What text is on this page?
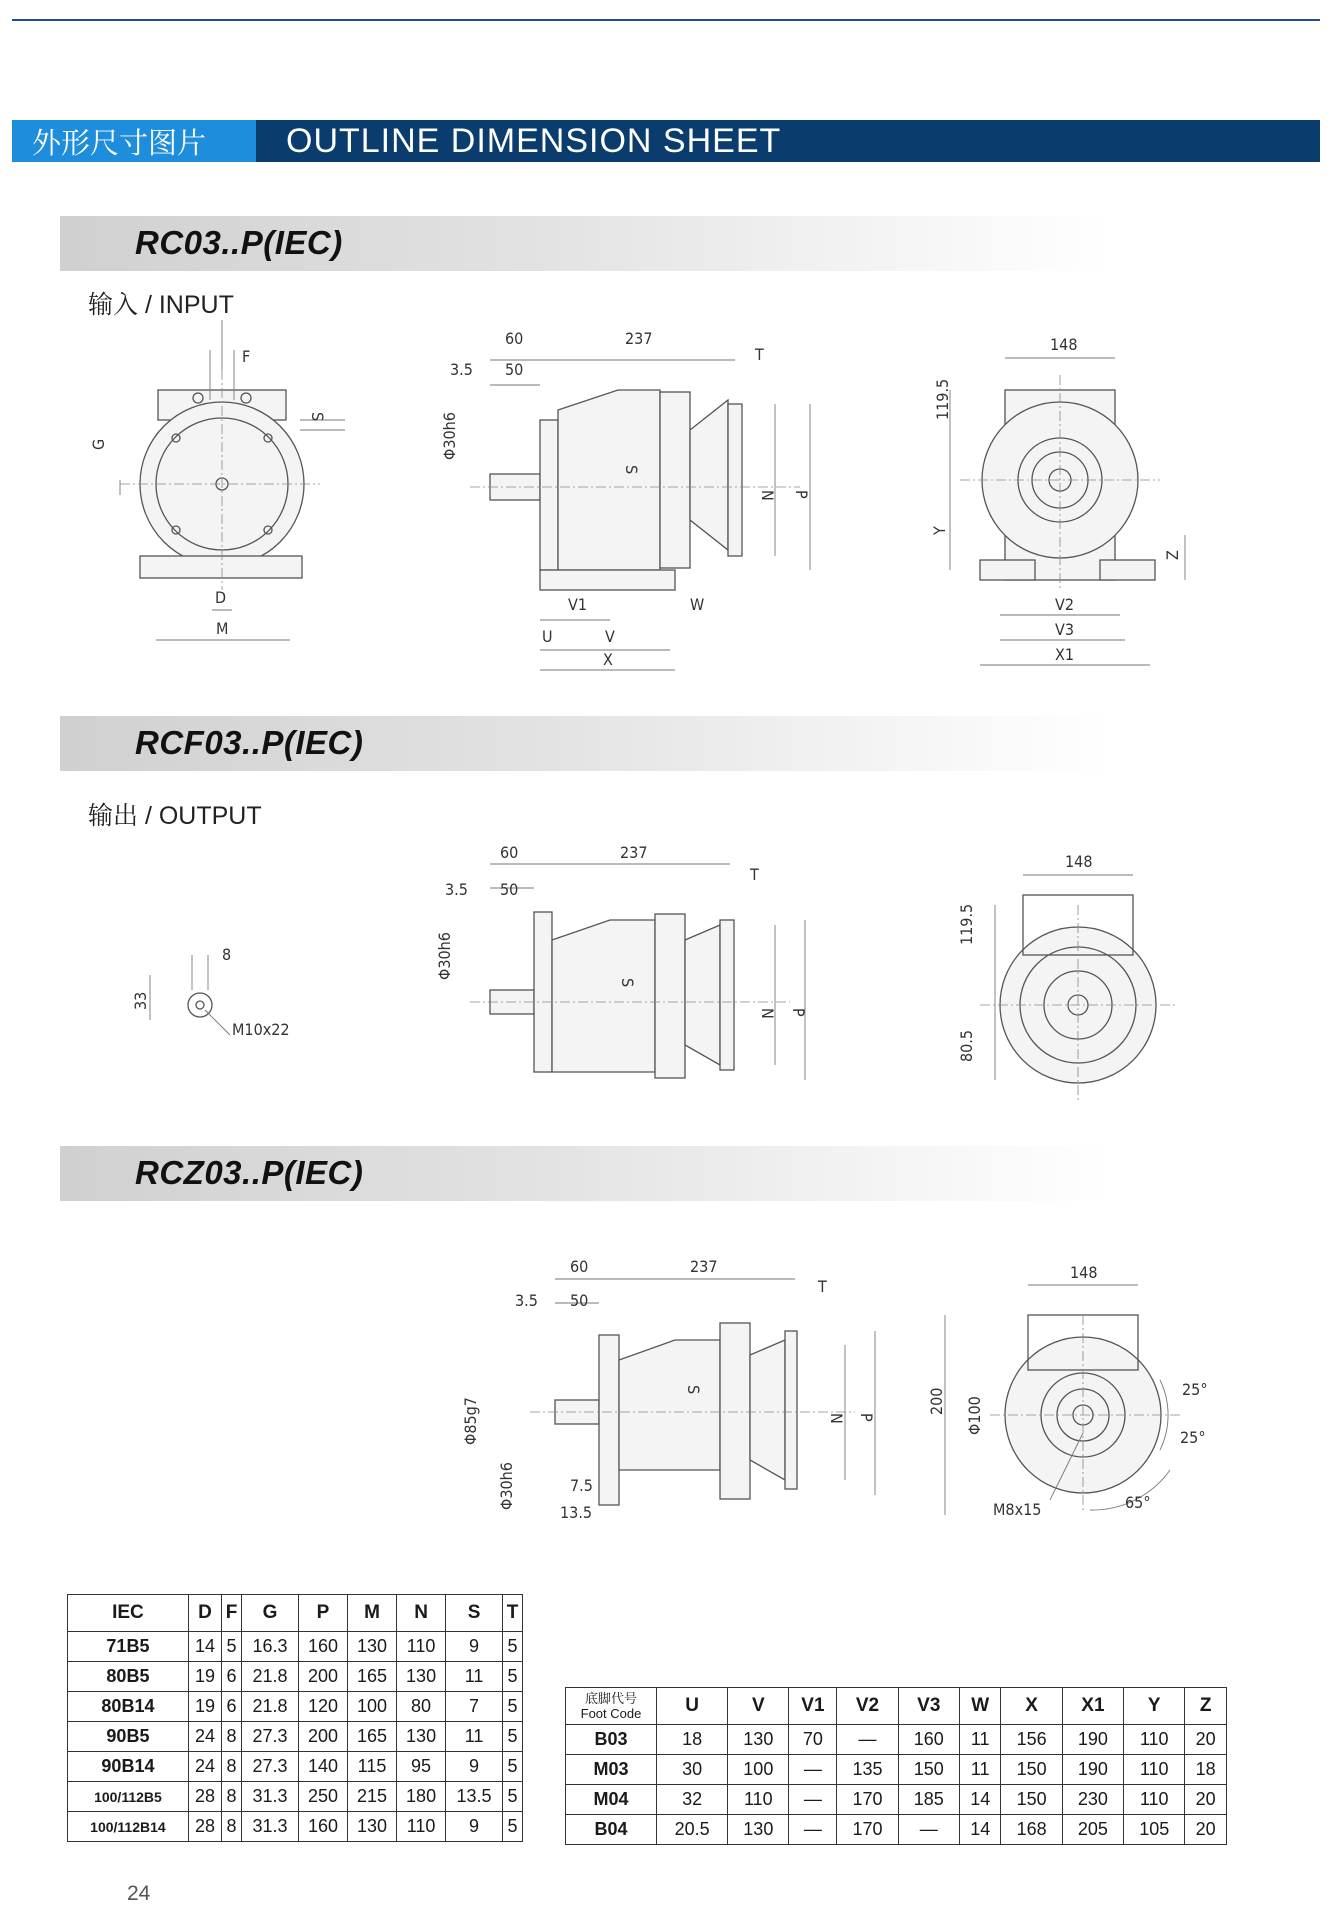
外形尺寸图片	OUTLINE DIMENSION SHEET
RC03..P(IEC)
输入 / INPUT
F
S
G
D
M
60	237
3.5 50
T
Φ30h6
N P
S
V1	W
U	V
X
148
119.5
Y
Z
V2
V3
X1
RCF03..P(IEC)
输出 / OUTPUT
8
33
M10x22
60	237
3.5 50
T
Φ30h6
N P
S
148
119.5
80.5
RCZ03..P(IEC)
60	237
3.5 50
T
Φ85g7
Φ30h6	7.5
13.5
N P
S
148
200 Φ100
M8x15
25°
25°
65°
IEC	D	F	G	P	M	N	S	T
71B5	14	5	16.3	160	130	110	9	5
80B5	19	6	21.8	200	165	130	11	5
80B14	19	6	21.8	120	100	80	7	5
90B5	24	8	27.3	200	165	130	11	5
90B14	24	8	27.3	140	115	95	9	5
100/112B5	28	8	31.3	250	215	180	13.5	5
100/112B14	28	8	31.3	160	130	110	9	5
底脚代号
Foot Code	U	V	V1	V2	V3	W	X	X1	Y	Z
B03	18	130	70	—	160	11	156	190	110	20
M03	30	100	—	135	150	11	150	190	110	18
M04	32	110	—	170	185	14	150	230	110	20
B04	20.5	130	—	170	—	14	168	205	105	20
24
